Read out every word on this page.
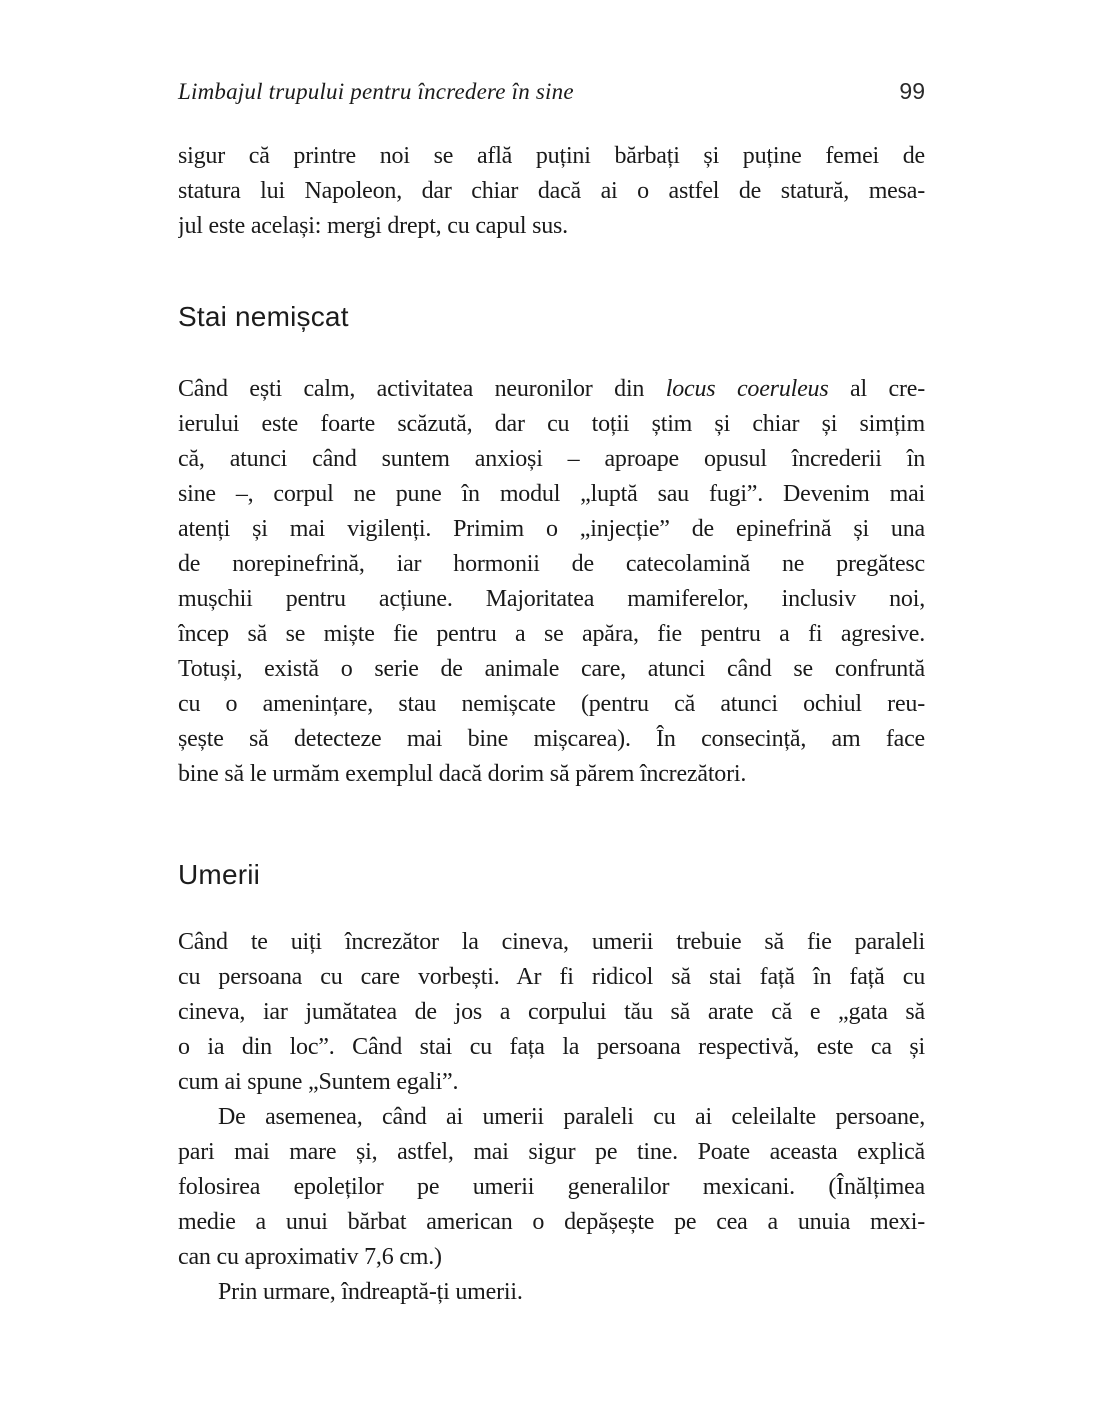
Limbajul trupului pentru încredere în sine	99
sigur că printre noi se află puțini bărbați și puține femei de
statura lui Napoleon, dar chiar dacă ai o astfel de statură, mesa-
jul este același: mergi drept, cu capul sus.
Stai nemișcat
Când ești calm, activitatea neuronilor din locus coeruleus al cre-
ierului este foarte scăzută, dar cu toții știm și chiar și simțim
că, atunci când suntem anxioși – aproape opusul încrederii în
sine –, corpul ne pune în modul „luptă sau fugi”. Devenim mai
atenți și mai vigilenți. Primim o „injecție” de epinefrină și una
de norepinefrină, iar hormonii de catecolamină ne pregătesc
mușchii pentru acțiune. Majoritatea mamiferelor, inclusiv noi,
încep să se miște fie pentru a se apăra, fie pentru a fi agresive.
Totuși, există o serie de animale care, atunci când se confruntă
cu o amenințare, stau nemișcate (pentru că atunci ochiul reu-
șește să detecteze mai bine mișcarea). În consecință, am face
bine să le urmăm exemplul dacă dorim să părem încrezători.
Umerii
Când te uiți încrezător la cineva, umerii trebuie să fie paraleli
cu persoana cu care vorbești. Ar fi ridicol să stai față în față cu
cineva, iar jumătatea de jos a corpului tău să arate că e „gata să
o ia din loc”. Când stai cu fața la persoana respectivă, este ca și
cum ai spune „Suntem egali”.
De asemenea, când ai umerii paraleli cu ai celeilalte persoane,
pari mai mare și, astfel, mai sigur pe tine. Poate aceasta explică
folosirea epoleților pe umerii generalilor mexicani. (Înălțimea
medie a unui bărbat american o depășește pe cea a unuia mexi-
can cu aproximativ 7,6 cm.)
Prin urmare, îndreaptă-ți umerii.
